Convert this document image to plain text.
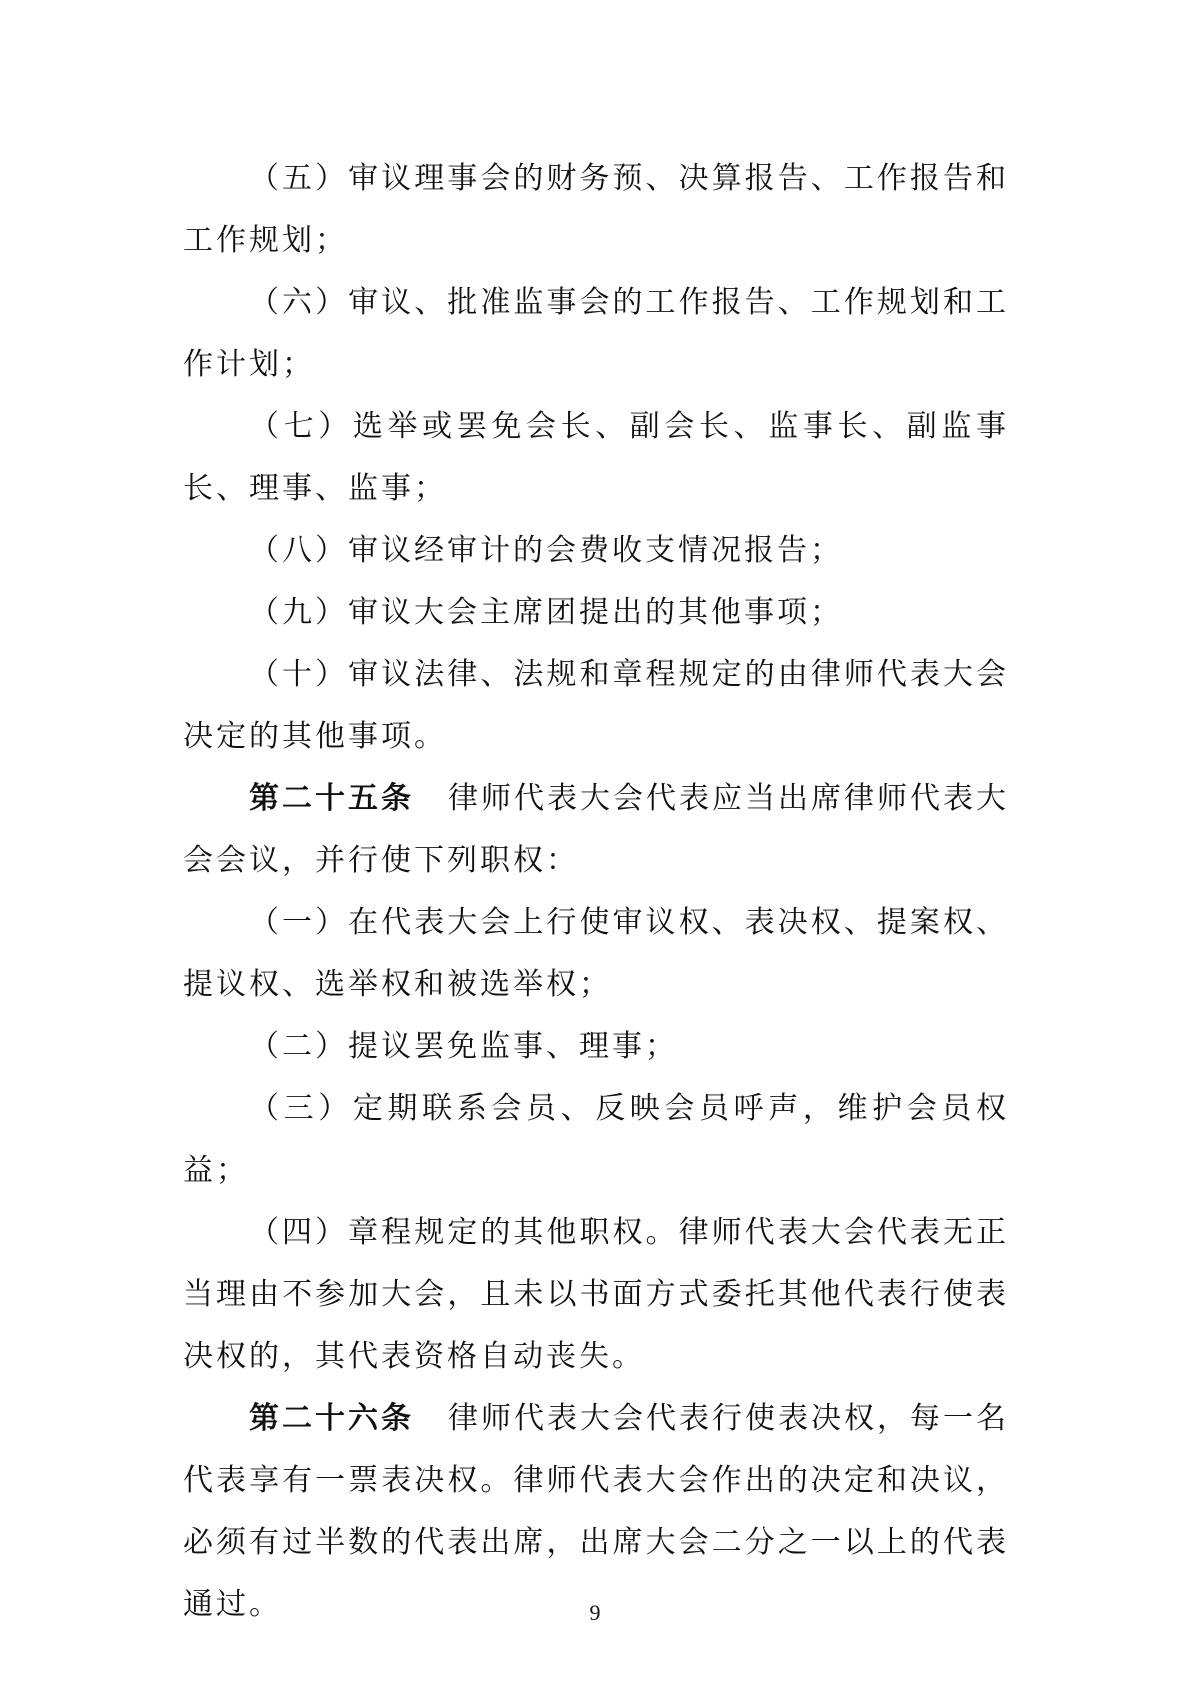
（五）审议理事会的财务预、决算报告、工作报告和工作规划；

（六）审议、批准监事会的工作报告、工作规划和工作计划；

（七）选举或罢免会长、副会长、监事长、副监事长、理事、监事；

（八）审议经审计的会费收支情况报告；

（九）审议大会主席团提出的其他事项；

（十）审议法律、法规和章程规定的由律师代表大会决定的其他事项。

第二十五条 律师代表大会代表应当出席律师代表大会会议，并行使下列职权：

（一）在代表大会上行使审议权、表决权、提案权、提议权、选举权和被选举权；

（二）提议罢免监事、理事；

（三）定期联系会员、反映会员呼声，维护会员权益；

（四）章程规定的其他职权。律师代表大会代表无正当理由不参加大会，且未以书面方式委托其他代表行使表决权的，其代表资格自动丧失。

第二十六条 律师代表大会代表行使表决权，每一名代表享有一票表决权。律师代表大会作出的决定和决议，必须有过半数的代表出席，出席大会二分之一以上的代表通过。	9
